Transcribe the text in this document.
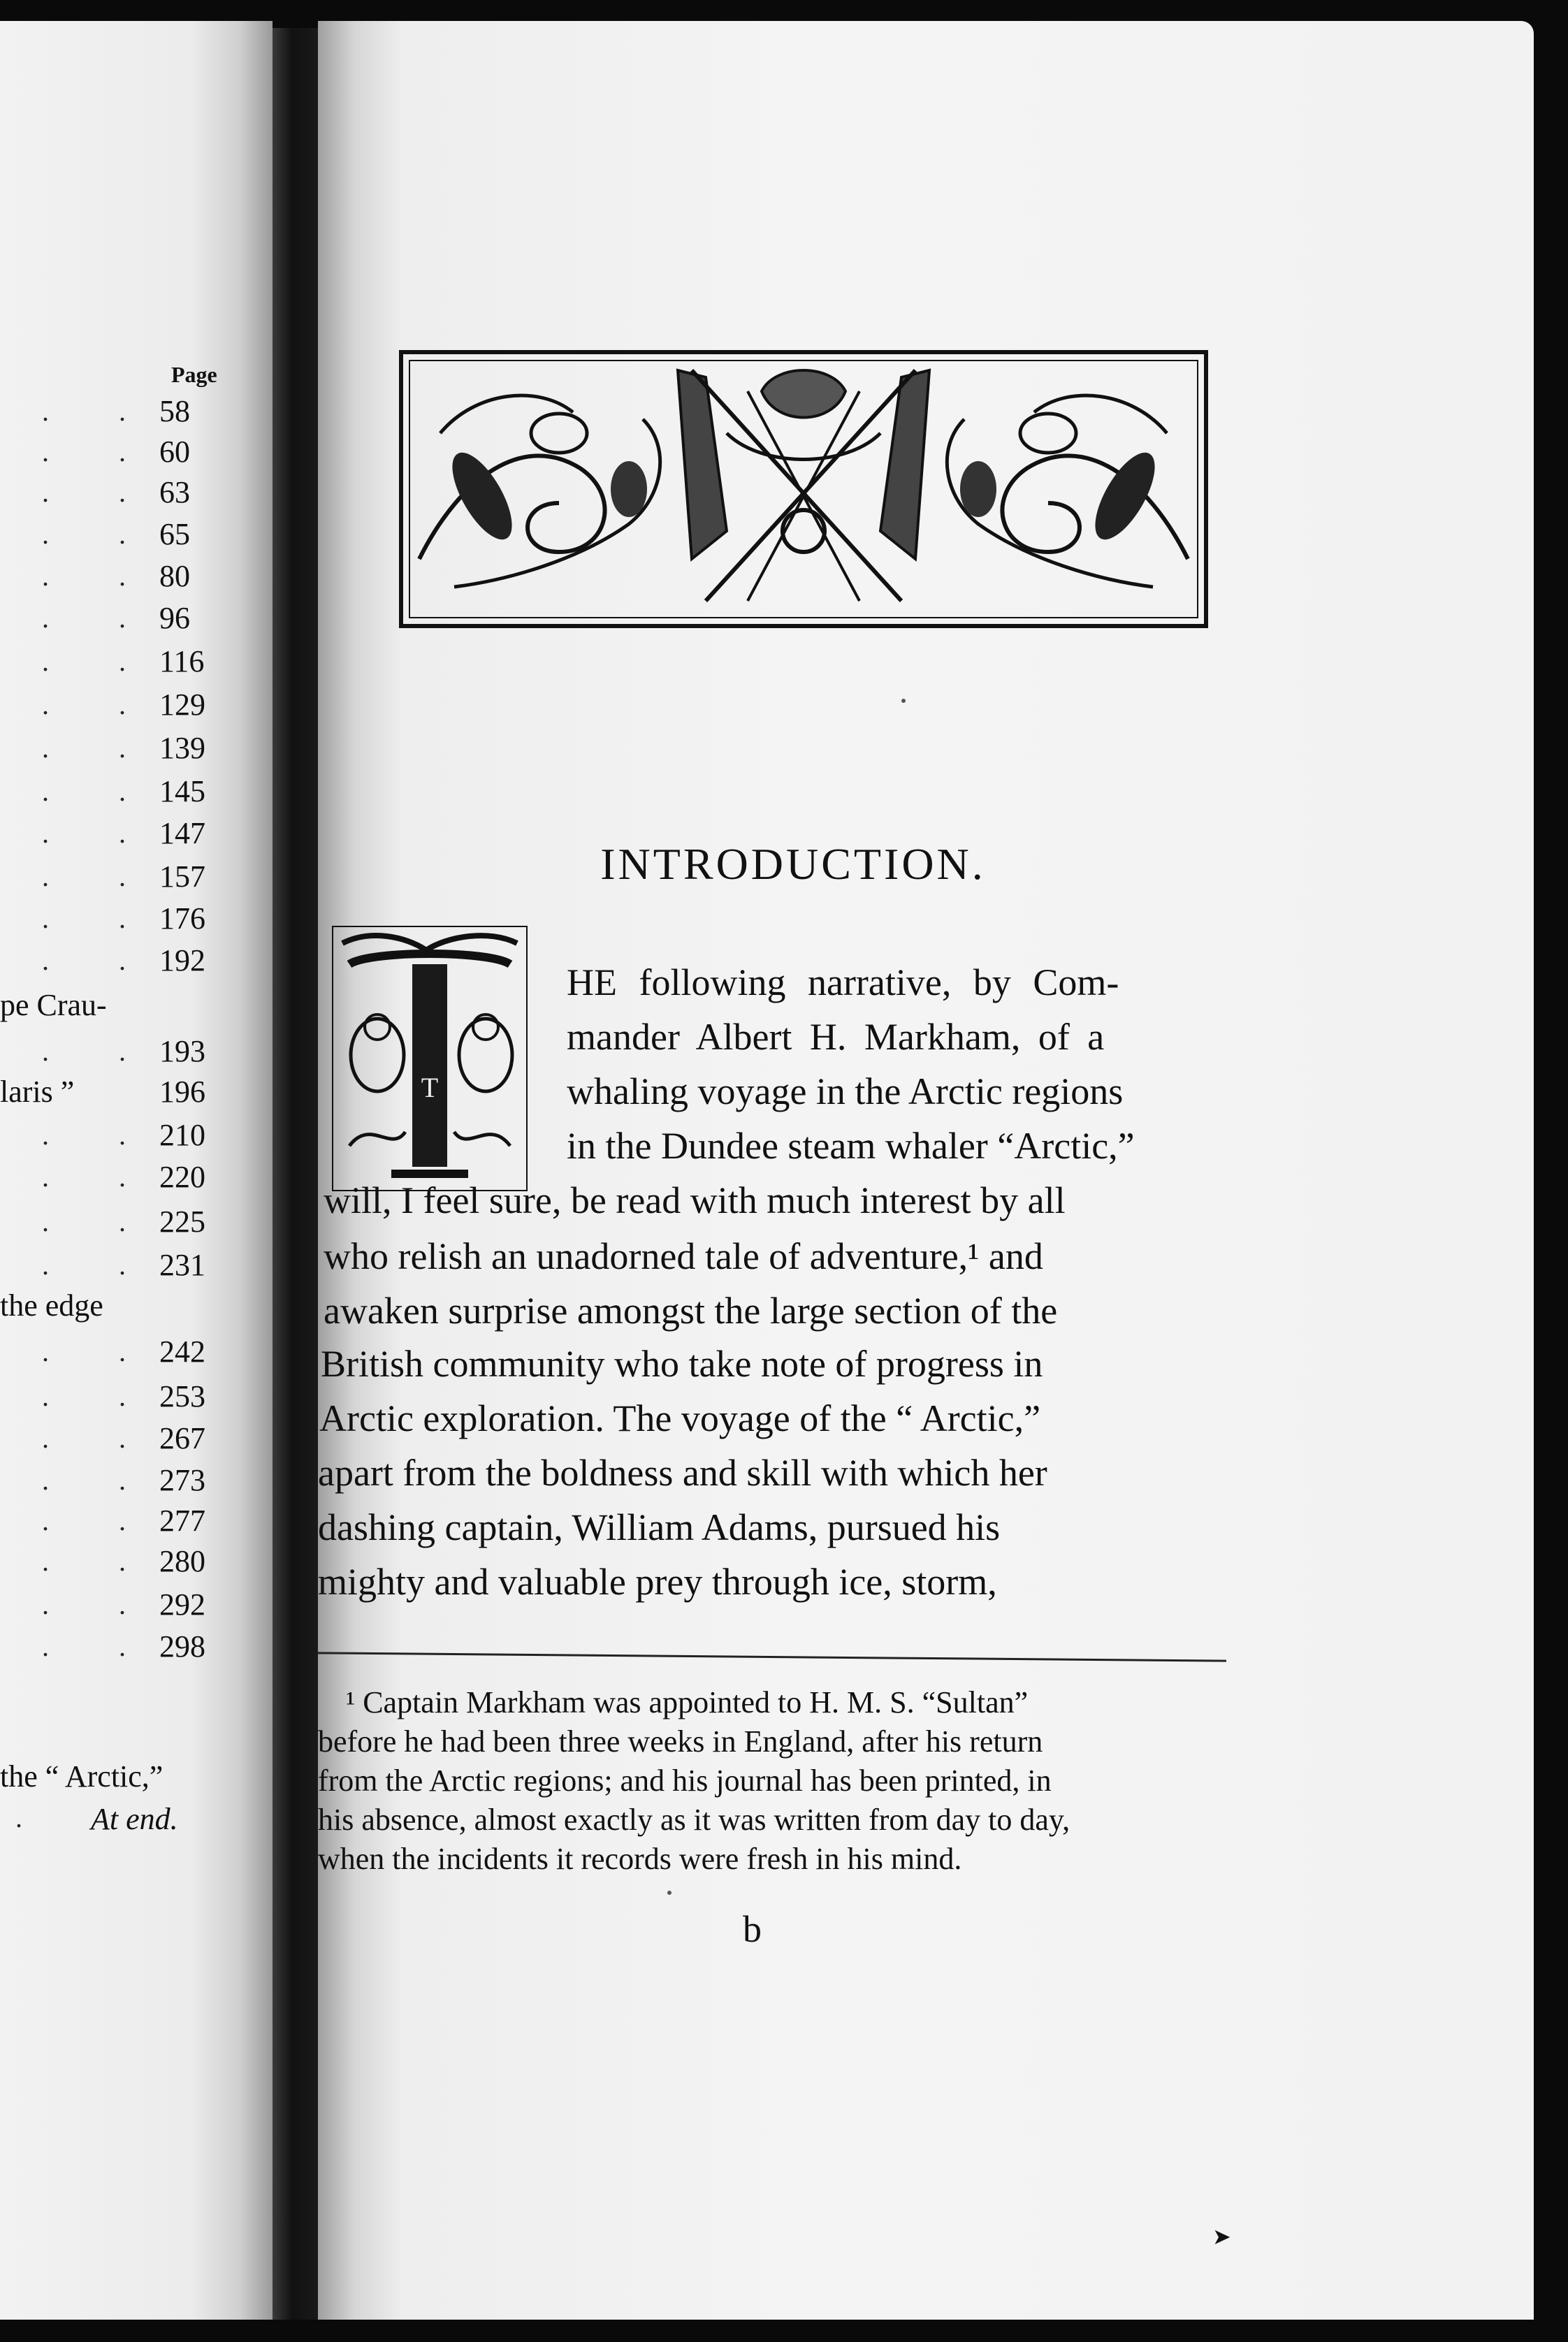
Page
.	. 58
.	. 60
.	. 63
.	. 65
.	. 80
.	. 96
.	. 116
.	. 129
.	. 139
.	. 145
.	. 147
.	. 157
.	. 176
.	. 192
pe Crau-
.	. 193
laris ”	196
.	. 210
.	. 220
.	. 225
.	. 231
the edge
.	. 242
.	. 253
.	. 267
.	. 273
.	. 277
.	. 280
.	. 292
.	. 298
the “ Arctic,”
. At end.
INTRODUCTION.
T
HE following narrative, by Com-
mander Albert H. Markham, of a
whaling voyage in the Arctic regions
in the Dundee steam whaler “Arctic,”
will, I feel sure, be read with much interest by all
who relish an unadorned tale of adventure,¹ and
awaken surprise amongst the large section of the
British community who take note of progress in
Arctic exploration. The voyage of the “ Arctic,”
apart from the boldness and skill with which her
dashing captain, William Adams, pursued his
mighty and valuable prey through ice, storm,
¹ Captain Markham was appointed to H. M. S. “Sultan”
before he had been three weeks in England, after his return
from the Arctic regions; and his journal has been printed, in
his absence, almost exactly as it was written from day to day,
when the incidents it records were fresh in his mind.
b
➤
